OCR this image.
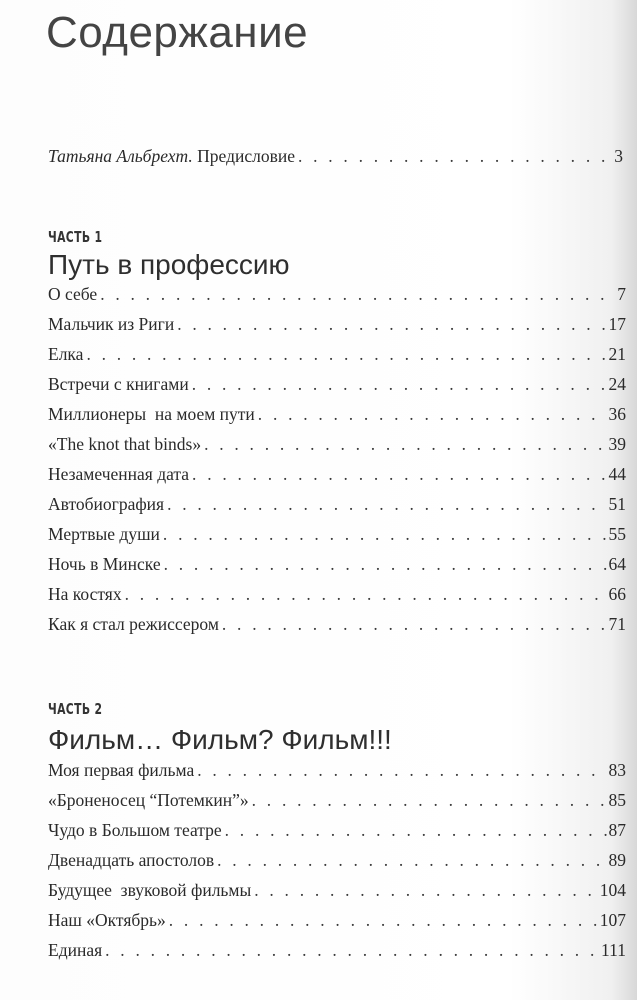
Содержание
Татьяна Альбрехт. Предисловие . . .	3
ЧАСТЬ 1
Путь в профессию
О себе . . .	7
Мальчик из Риги . . .	17
Елка . . .	21
Встречи с книгами . . .	24
Миллионеры  на моем пути . . .	36
«The knot that binds» . . .	39
Незамеченная дата . . .	44
Автобиография . . .	51
Мертвые души . . .	55
Ночь в Минске . . .	64
На костях . . .	66
Как я стал режиссером . . .	71
ЧАСТЬ 2
Фильм… Фильм? Фильм!!!
Моя первая фильма . . .	83
«Броненосец “Потемкин”» . . .	85
Чудо в Большом театре . . .	87
Двенадцать апостолов . . .	89
Будущее  звуковой фильмы . . .	104
Наш «Октябрь» . . .	107
Единая . . .	111
